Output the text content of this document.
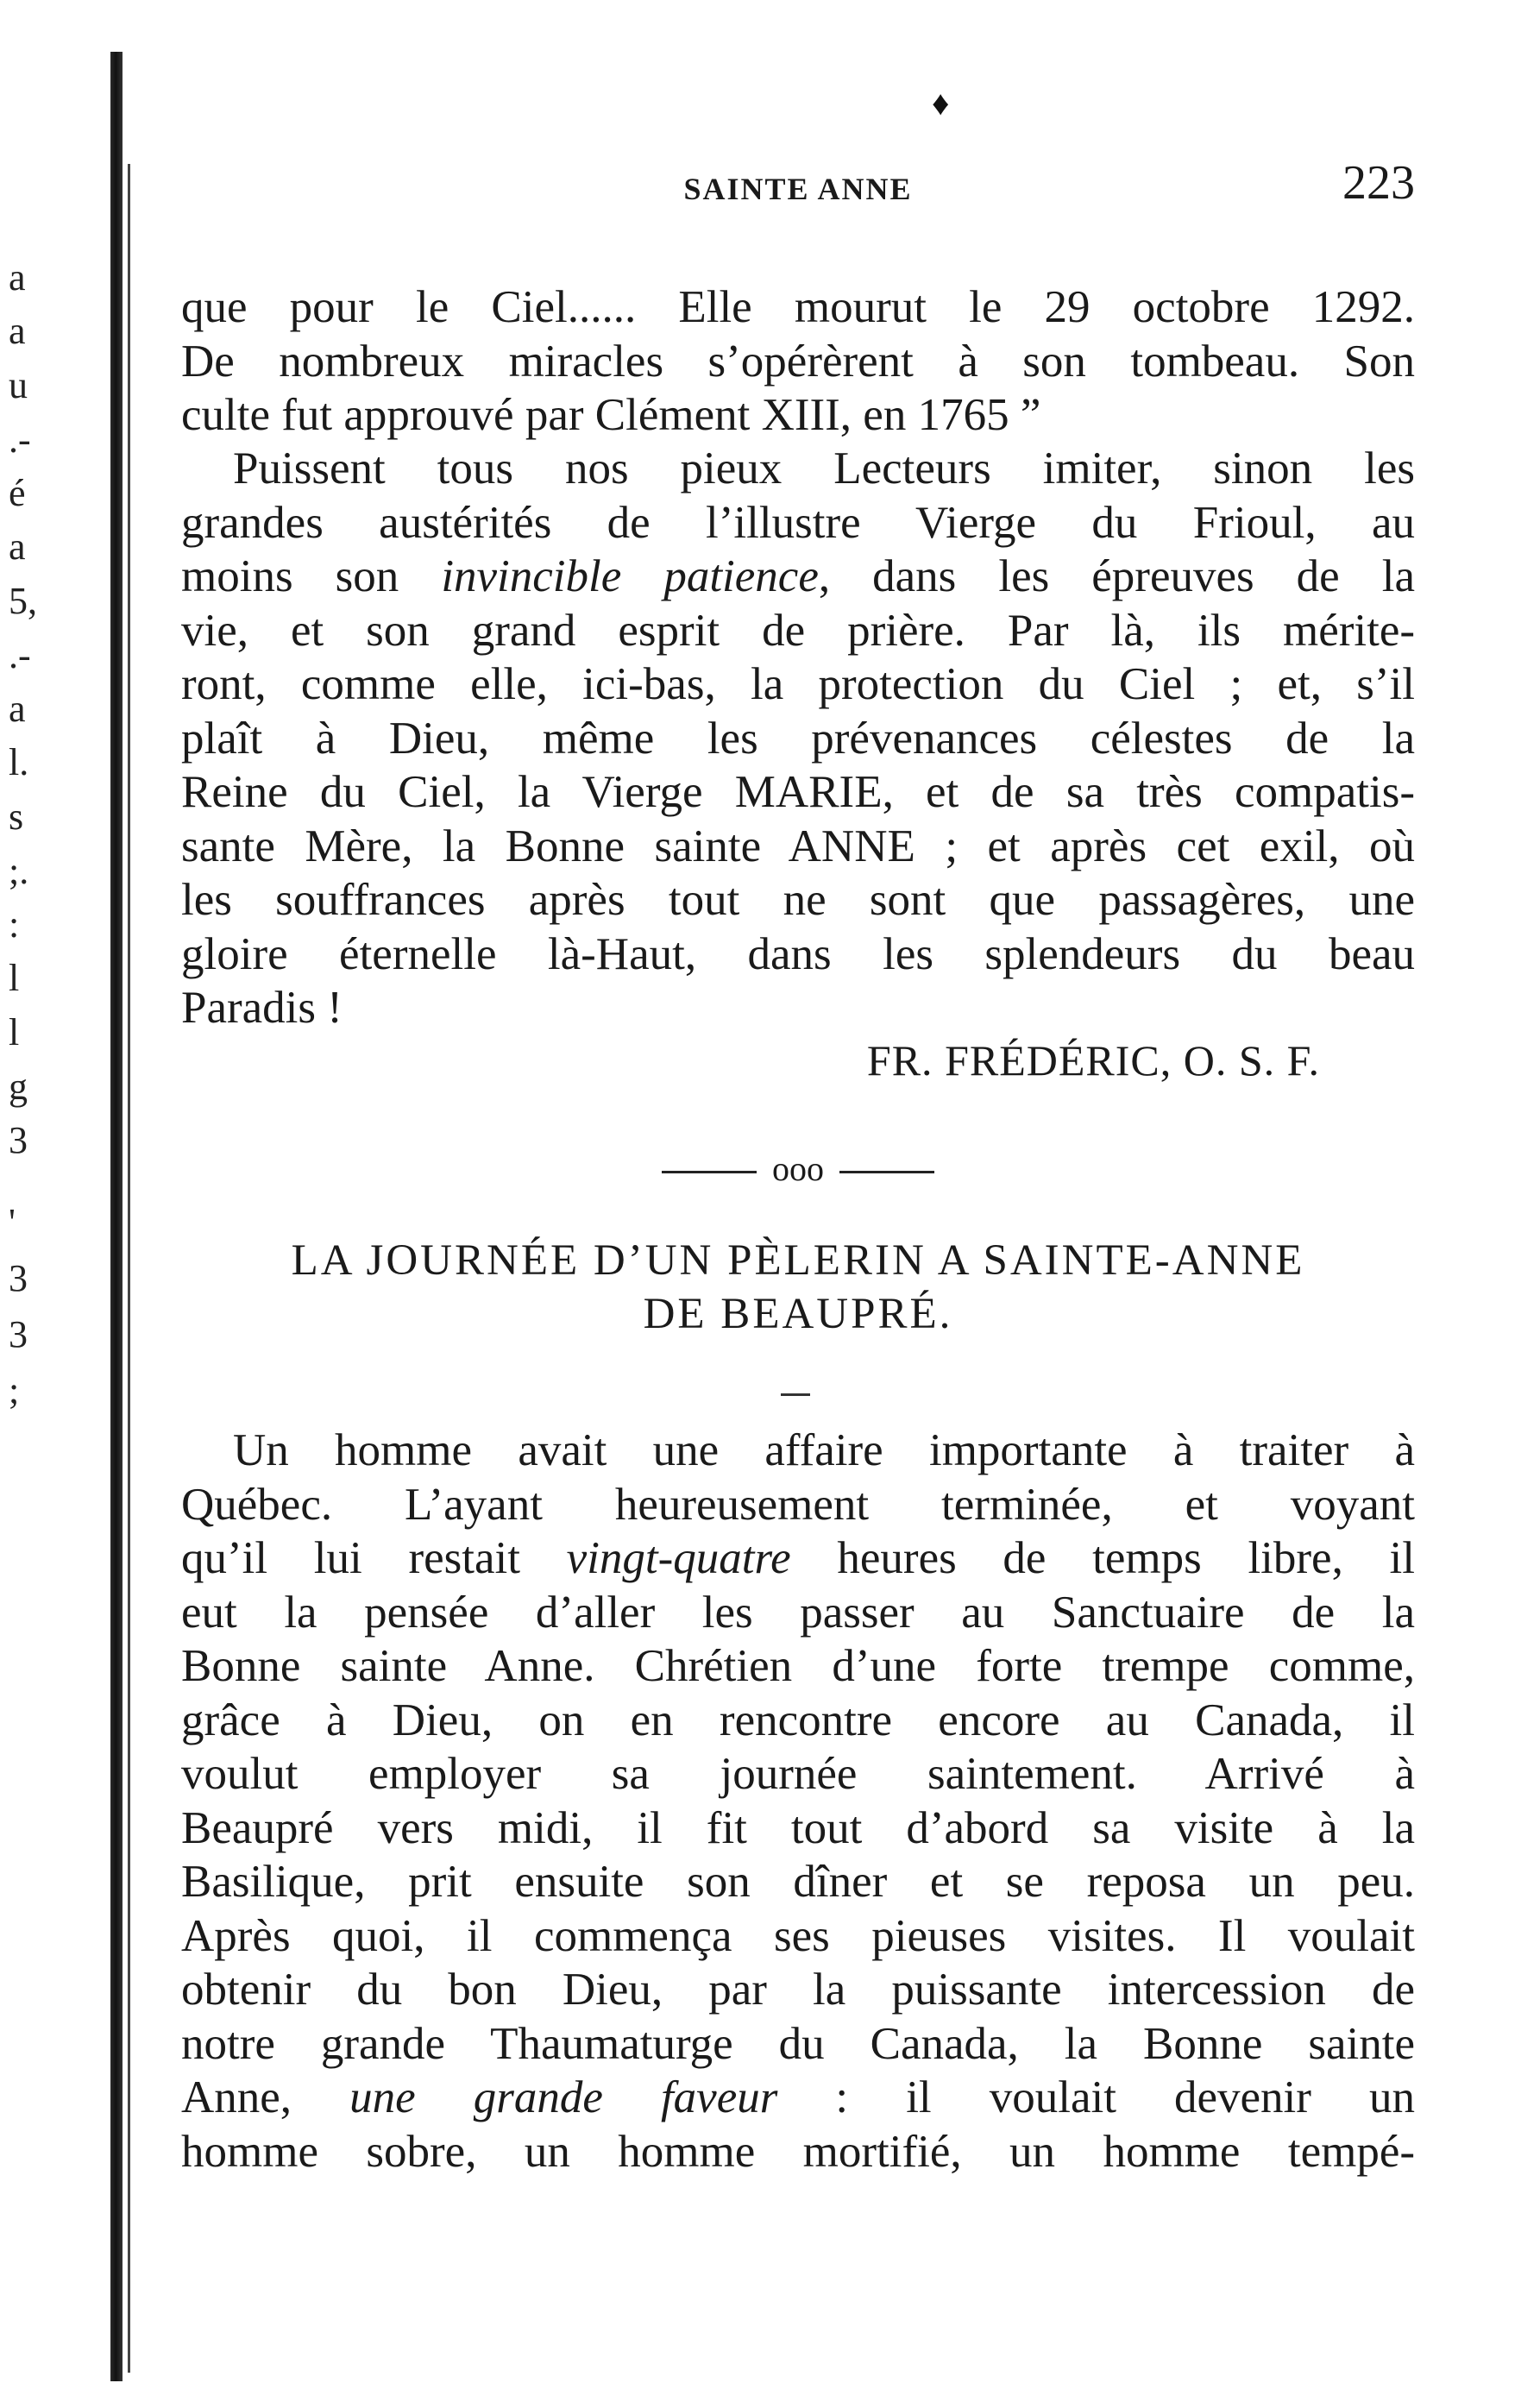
a
a
u
.-
é
a
5,
.-
a
l.
s
;.
:
l
l
g
3
'
3
3
;
♦
SAINTE ANNE	223
que pour le Ciel...... Elle mourut le 29 octobre 1292.
De nombreux miracles s’opérèrent à son tombeau. Son
culte fut approuvé par Clément XIII, en 1765 ”
Puissent tous nos pieux Lecteurs imiter, sinon les
grandes austérités de l’illustre Vierge du Frioul, au
moins son invincible patience, dans les épreuves de la
vie, et son grand esprit de prière. Par là, ils mérite-
ront, comme elle, ici-bas, la protection du Ciel ; et, s’il
plaît à Dieu, même les prévenances célestes de la
Reine du Ciel, la Vierge MARIE, et de sa très compatis-
sante Mère, la Bonne sainte ANNE ; et après cet exil, où
les souffrances après tout ne sont que passagères, une
gloire éternelle là-Haut, dans les splendeurs du beau
Paradis !
FR. FRÉDÉRIC, O. S. F.
ooo
LA JOURNÉE D’UN PÈLERIN A SAINTE-ANNE
DE BEAUPRÉ.
Un homme avait une affaire importante à traiter à
Québec. L’ayant heureusement terminée, et voyant
qu’il lui restait vingt-quatre heures de temps libre, il
eut la pensée d’aller les passer au Sanctuaire de la
Bonne sainte Anne. Chrétien d’une forte trempe comme,
grâce à Dieu, on en rencontre encore au Canada, il
voulut employer sa journée saintement. Arrivé à
Beaupré vers midi, il fit tout d’abord sa visite à la
Basilique, prit ensuite son dîner et se reposa un peu.
Après quoi, il commença ses pieuses visites. Il voulait
obtenir du bon Dieu, par la puissante intercession de
notre grande Thaumaturge du Canada, la Bonne sainte
Anne, une grande faveur : il voulait devenir un
homme sobre, un homme mortifié, un homme tempé-
